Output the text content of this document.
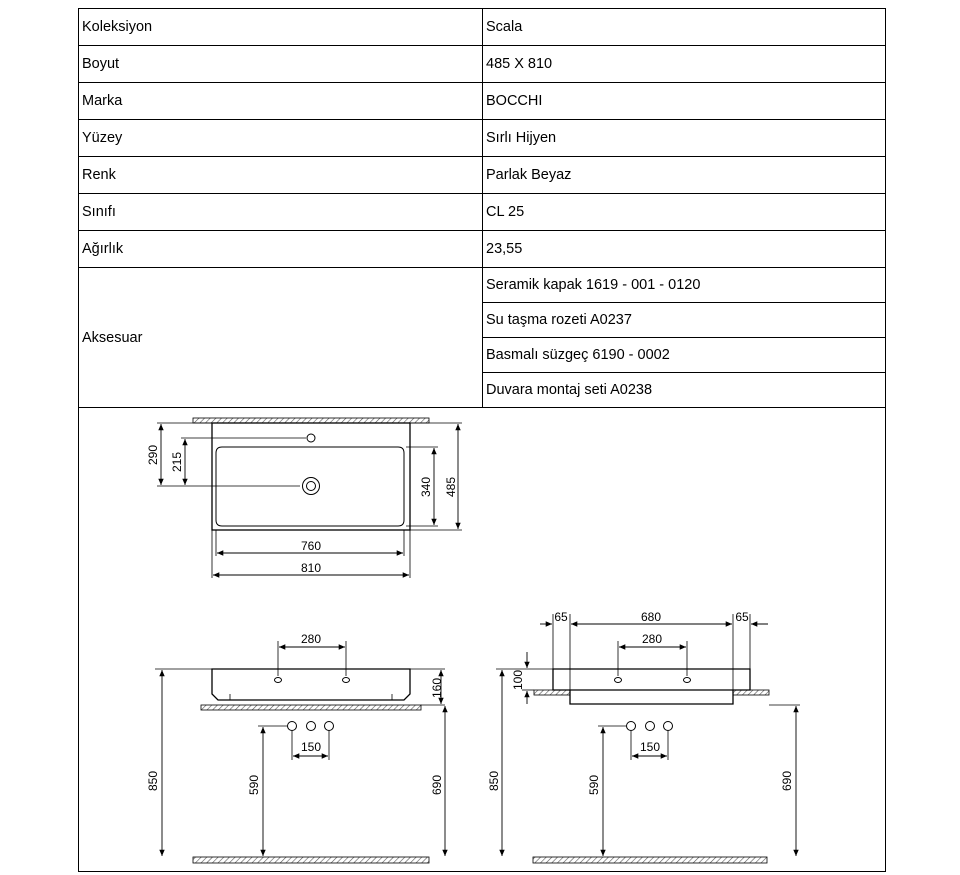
Koleksiyon	Scala
Boyut	485 X 810
Marka	BOCCHI
Yüzey	Sırlı Hijyen
Renk	Parlak Beyaz
Sınıfı	CL 25
Ağırlık	23,55
Aksesuar	Seramik kapak 1619 - 001 - 0120
	Su taşma rozeti A0237
	Basmalı süzgeç 6190 - 0002
	Duvara montaj seti A0238
290 215
340 485
760
810
280
160
850	590	690
150
65	680	65
280
100
850	590	690
150
